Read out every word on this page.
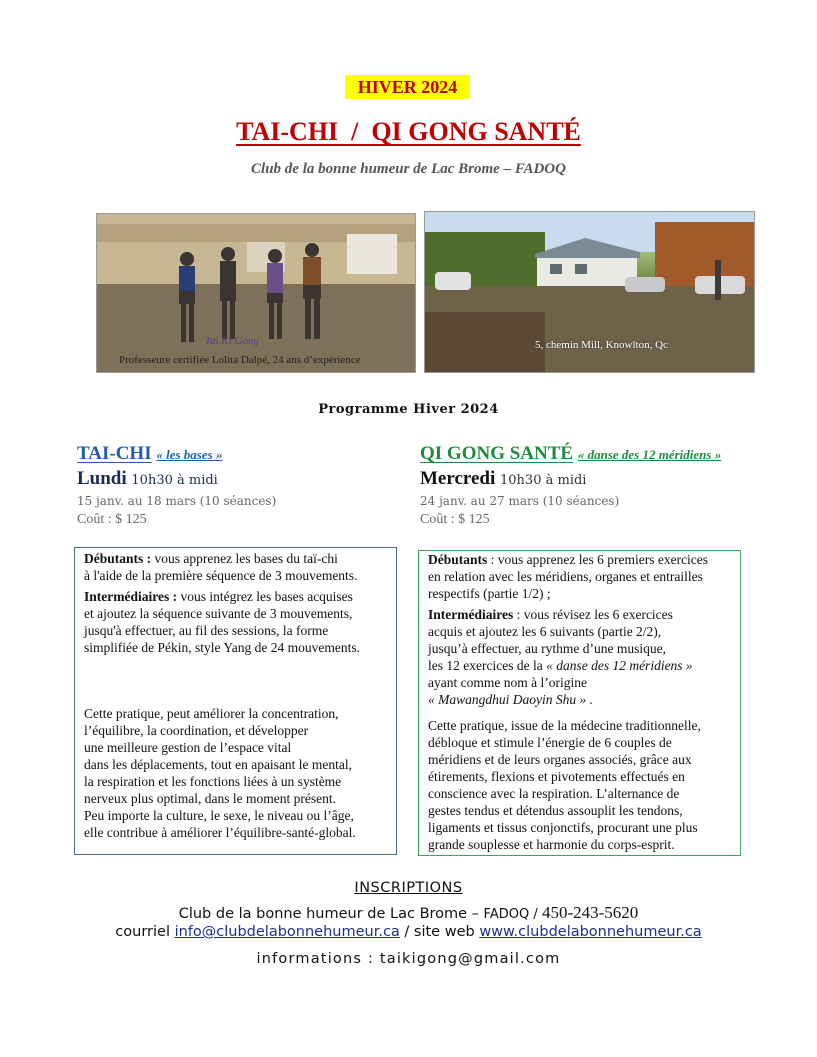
HIVER 2024
TAI-CHI  /  QI GONG SANTÉ
Club de la bonne humeur de Lac Brome – FADOQ
Tai Ki Gong
Professeure certifiée Lolita Dalpé, 24 ans d’expérience
5, chemin Mill, Knowlton, Qc
Programme Hiver 2024
TAI-CHI « les bases »
Lundi 10h30 à midi
15 janv. au 18 mars (10 séances)
Coût : $ 125
QI GONG SANTÉ « danse des 12 méridiens »
Mercredi 10h30 à midi
24 janv. au 27 mars (10 séances)
Coût : $ 125
Débutants : vous apprenez les bases du taï-chi
à l'aide de la première séquence de 3 mouvements.
Intermédiaires : vous intégrez les bases acquises
et ajoutez la séquence suivante de 3 mouvements,
jusqu'à effectuer, au fil des sessions, la forme
simplifiée de Pékin, style Yang de 24 mouvements.
Cette pratique, peut améliorer la concentration,
l’équilibre, la coordination, et développer
une meilleure gestion de l’espace vital
dans les déplacements, tout en apaisant le mental,
la respiration et les fonctions liées à un système
nerveux plus optimal, dans le moment présent.
Peu importe la culture, le sexe, le niveau ou l’âge,
elle contribue à améliorer l’équilibre-santé-global.
Débutants : vous apprenez les 6 premiers exercices
en relation avec les méridiens, organes et entrailles
respectifs (partie 1/2) ;
Intermédiaires : vous révisez les 6 exercices
acquis et ajoutez les 6 suivants (partie 2/2),
jusqu’à effectuer, au rythme d’une musique,
les 12 exercices de la « danse des 12 méridiens »
ayant comme nom à l’origine
« Mawangdhui Daoyin Shu » .
Cette pratique, issue de la médecine traditionnelle,
débloque et stimule l’énergie de 6 couples de
méridiens et de leurs organes associés, grâce aux
étirements, flexions et pivotements effectués en
conscience avec la respiration. L’alternance de
gestes tendus et détendus assouplit les tendons,
ligaments et tissus conjonctifs, procurant une plus
grande souplesse et harmonie du corps-esprit.
INSCRIPTIONS
Club de la bonne humeur de Lac Brome – FADOQ / 450-243-5620
courriel info@clubdelabonnehumeur.ca / site web www.clubdelabonnehumeur.ca
informations : taikigong@gmail.com
